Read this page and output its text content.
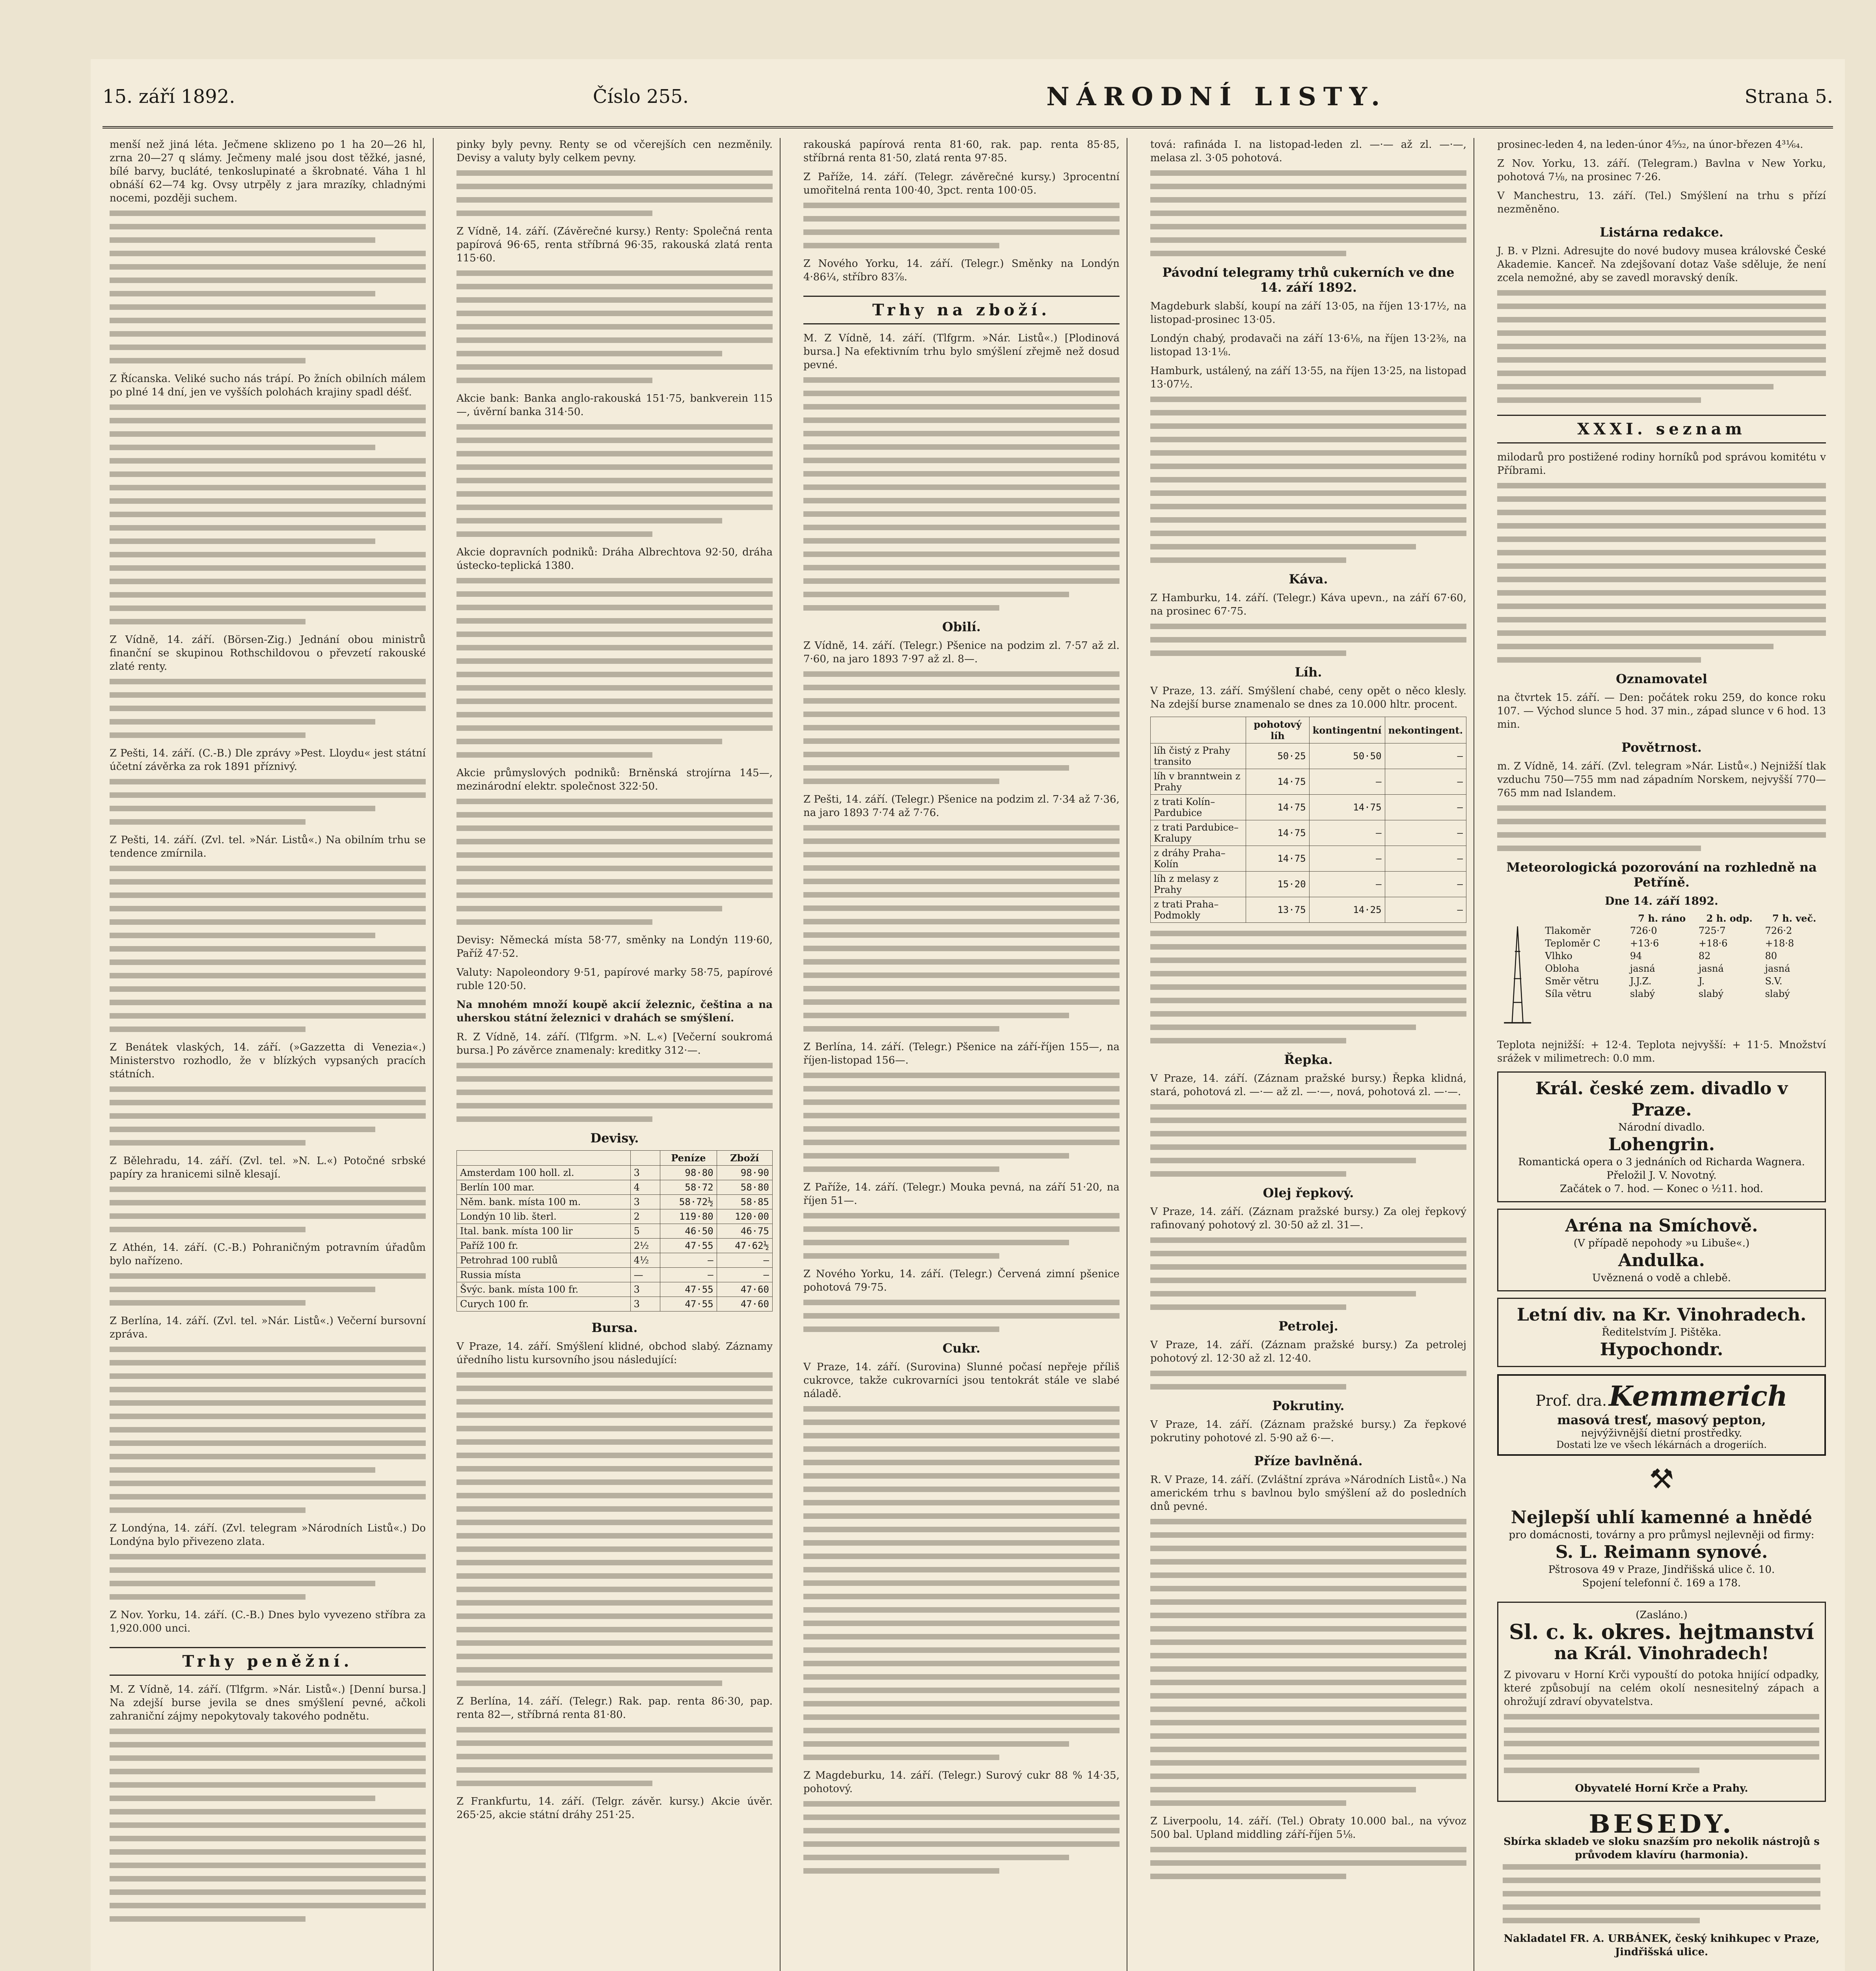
15. září 1892.	Číslo 255.	NÁRODNÍ LISTY.	Strana 5.

menší než jiná léta. Ječmene sklizeno po 1 ha 20—26 hl, zrna 20—27 q slámy. Ječmeny malé jsou dost těžké, jasné, bílé barvy, bucláté, tenkoslupinaté a škrobnaté. Váha 1 hl obnáší 62—74 kg. Ovsy utrpěly z jara mrazíky, chladnými nocemi, později suchem.

Z Řícanska. Veliké sucho nás trápí. Po žních obilních málem po plné 14 dní, jen ve vyšších polohách krajiny spadl déšť.

Z Vídně, 14. září. (Börsen-Zig.) Jednání obou ministrů finanční se skupinou Rothschildovou o převzetí rakouské zlaté renty.

Z Pešti, 14. září. (C.-B.) Dle zprávy »Pest. Lloydu« jest státní účetní závěrka za rok 1891 příznivý.

Z Pešti, 14. září. (Zvl. tel. »Nár. Listů«.) Na obilním trhu se tendence zmírnila.

Z Benátek vlaských, 14. září. (»Gazzetta di Venezia«.) Ministerstvo rozhodlo, že v blízkých vypsaných pracích státních.

Z Bělehradu, 14. září. (Zvl. tel. »N. L.«) Potočné srbské papíry za hranicemi silně klesají.

Z Athén, 14. září. (C.-B.) Pohraničným potravním úřadům bylo nařízeno.

Z Berlína, 14. září. (Zvl. tel. »Nár. Listů«.) Večerní bursovní zpráva.

Z Londýna, 14. září. (Zvl. telegram »Národních Listů«.) Do Londýna bylo přivezeno zlata.

Z Nov. Yorku, 14. září. (C.-B.) Dnes bylo vyvezeno stříbra za 1,920.000 unci.

Trhy peněžní.

M. Z Vídně, 14. září. (Tlfgrm. »Nár. Listů«.) [Denní bursa.] Na zdejší burse jevila se dnes smýšlení pevné, ačkoli zahraniční zájmy nepokytovaly takového podnětu.

pinky byly pevny. Renty se od včerejších cen nezměnily. Devisy a valuty byly celkem pevny.

Z Vídně, 14. září. (Závěrečné kursy.) Renty: Společná renta papírová 96·65, renta stříbrná 96·35, rakouská zlatá renta 115·60.

Akcie bank: Banka anglo-rakouská 151·75, bankverein 115—, úvěrní banka 314·50.

Akcie dopravních podniků: Dráha Albrechtova 92·50, dráha ústecko-teplická 1380.

Akcie průmyslových podniků: Brněnská strojírna 145—, mezinárodní elektr. společnost 322·50.

Devisy: Německá místa 58·77, směnky na Londýn 119·60, Paříž 47·52.

Valuty: Napoleondory 9·51, papírové marky 58·75, papírové ruble 120·50.

Na mnohém množí koupě akcií železnic, čeština a na uherskou státní železnici v drahách se smýšlení.

R. Z Vídně, 14. září. (Tlfgrm. »N. L.«) [Večerní soukromá bursa.] Po závěrce znamenaly: kreditky 312·—.

Devisy.
		Peníze	Zboží
Amsterdam 100 holl. zl.	3	98·80	98·90
Berlín 100 mar.	4	58·72	58·80
Něm. bank. místa 100 m.	3	58·72½	58·85
Londýn 10 lib. šterl.	2	119·80	120·00
Ital. bank. místa 100 lir	5	46·50	46·75
Paříž 100 fr.	2½	47·55	47·62½
Petrohrad 100 rublů	4½	—	—
Russia místa	—	—	—
Švýc. bank. místa 100 fr.	3	47·55	47·60
Curych 100 fr.	3	47·55	47·60
Bursa.

V Praze, 14. září. Smýšlení klidné, obchod slabý. Záznamy úředního listu kursovního jsou následující:

Z Berlína, 14. září. (Telegr.) Rak. pap. renta 86·30, pap. renta 82—, stříbrná renta 81·80.

Z Frankfurtu, 14. září. (Telgr. závěr. kursy.) Akcie úvěr. 265·25, akcie státní dráhy 251·25.

rakouská papírová renta 81·60, rak. pap. renta 85·85, stříbrná renta 81·50, zlatá renta 97·85.

Z Paříže, 14. září. (Telegr. závěrečné kursy.) 3procentní umořitelná renta 100·40, 3pct. renta 100·05.

Z Nového Yorku, 14. září. (Telegr.) Směnky na Londýn 4·86¼, stříbro 83⅞.

Trhy na zboží.

M. Z Vídně, 14. září. (Tlfgrm. »Nár. Listů«.) [Plodinová bursa.] Na efektivním trhu bylo smýšlení zřejmě než dosud pevné.

Obilí.

Z Vídně, 14. září. (Telegr.) Pšenice na podzim zl. 7·57 až zl. 7·60, na jaro 1893 7·97 až zl. 8—.

Z Pešti, 14. září. (Telegr.) Pšenice na podzim zl. 7·34 až 7·36, na jaro 1893 7·74 až 7·76.

Z Berlína, 14. září. (Telegr.) Pšenice na září-říjen 155—, na říjen-listopad 156—.

Z Paříže, 14. září. (Telegr.) Mouka pevná, na září 51·20, na říjen 51—.

Z Nového Yorku, 14. září. (Telegr.) Červená zimní pšenice pohotová 79·75.

Cukr.

V Praze, 14. září. (Surovina) Slunné počasí nepřeje příliš cukrovce, takže cukrovarníci jsou tentokrát stále ve slabé náladě.

Z Magdeburku, 14. září. (Telegr.) Surový cukr 88 % 14·35, pohotový.

tová: rafináda I. na listopad-leden zl. —·— až zl. —·—, melasa zl. 3·05 pohotová.

Pávodní telegramy trhů cukerních ve dne 14. září 1892.

Magdeburk slabší, koupí na září 13·05, na říjen 13·17½, na listopad-prosinec 13·05.

Londýn chabý, prodavači na září 13·6⅛, na říjen 13·2⅜, na listopad 13·1⅛.

Hamburk, ustálený, na září 13·55, na říjen 13·25, na listopad 13·07½.

Káva.

Z Hamburku, 14. září. (Telegr.) Káva upevn., na září 67·60, na prosinec 67·75.

Líh.

V Praze, 13. září. Smýšlení chabé, ceny opět o něco klesly. Na zdejší burse znamenalo se dnes za 10.000 hltr. procent.

	pohotový líh	kontingentní	nekontingent.
líh čistý z Prahy transito	50·25	50·50	—
líh v branntwein z Prahy	14·75	—	—
z trati Kolín–Pardubice	14·75	14·75	—
z trati Pardubice–Kralupy	14·75	—	—
z dráhy Praha–Kolín	14·75	—	—
líh z melasy z Prahy	15·20	—	—
z trati Praha–Podmokly	13·75	14·25	—
Řepka.

V Praze, 14. září. (Záznam pražské bursy.) Řepka klidná, stará, pohotová zl. —·— až zl. —·—, nová, pohotová zl. —·—.

Olej řepkový.

V Praze, 14. září. (Záznam pražské bursy.) Za olej řepkový rafinovaný pohotový zl. 30·50 až zl. 31—.

Petrolej.

V Praze, 14. září. (Záznam pražské bursy.) Za petrolej pohotový zl. 12·30 až zl. 12·40.

Pokrutiny.

V Praze, 14. září. (Záznam pražské bursy.) Za řepkové pokrutiny pohotové zl. 5·90 až 6·—.

Příze bavlněná.

R. V Praze, 14. září. (Zvláštní zpráva »Národních Listů«.) Na americkém trhu s bavlnou bylo smýšlení až do posledních dnů pevné.

Z Liverpoolu, 14. září. (Tel.) Obraty 10.000 bal., na vývoz 500 bal. Upland middling září-říjen 5⅛.

prosinec-leden 4, na leden-únor 4⁵⁄₃₂, na únor-březen 4³¹⁄₆₄.

Z Nov. Yorku, 13. září. (Telegram.) Bavlna v New Yorku, pohotová 7⅛, na prosinec 7·26.

V Manchestru, 13. září. (Tel.) Smýšlení na trhu s přízí nezměněno.

Listárna redakce.

J. B. v Plzni. Adresujte do nové budovy musea královské České Akademie. Kanceř. Na zdejšovaní dotaz Vaše sděluje, že není zcela nemožné, aby se zavedl moravský deník.

XXXI. seznam

milodarů pro postižené rodiny horníků pod správou komitétu v Příbrami.

Oznamovatel

na čtvrtek 15. září. — Den: počátek roku 259, do konce roku 107. — Východ slunce 5 hod. 37 min., západ slunce v 6 hod. 13 min.

Povětrnost.

m. Z Vídně, 14. září. (Zvl. telegram »Nár. Listů«.) Nejnižší tlak vzduchu 750—755 mm nad západním Norskem, nejvyšší 770—765 mm nad Islandem.

Meteorologická pozorování na rozhledně na Petříně.
Dne 14. září 1892.
	7 h. ráno	2 h. odp.	7 h. več.
Tlakoměr	726·0	725·7	726·2
Teploměr C	+13·6	+18·6	+18·8
Vlhko	94	82	80
Obloha	jasná	jasná	jasná
Směr větru	J.J.Z.	J.	S.V.
Síla větru	slabý	slabý	slabý

Teplota nejnižší: + 12·4. Teplota nejvyšší: + 11·5. Množství srážek v milimetrech: 0.0 mm.

Král. české zem. divadlo v Praze.
Národní divadlo.
Lohengrin.
Romantická opera o 3 jednáních od Richarda Wagnera. Přeložil J. V. Novotný.
Začátek o 7. hod. — Konec o ½11. hod.
Aréna na Smíchově.
(V případě nepohody »u Libuše«.)
Andulka.
Uvěznená o vodě a chlebě.
Letní div. na Kr. Vinohradech.
Ředitelstvím J. Pištěka.
Hypochondr.
Prof. dra. Kemmerich
masová tresť, masový pepton,
nejvýživnější dietní prostředky.
Dostati lze ve všech lékárnách a drogeriích.
⚒
Nejlepší uhlí kamenné a hnědé
pro domácnosti, továrny a pro průmysl nejlevněji od firmy:
S. L. Reimann synové.
Pštrosova 49 v Praze, Jindřišská ulice č. 10.
Spojení telefonní č. 169 a 178.
(Zasláno.)
Sl. c. k. okres. hejtmanství
na Král. Vinohradech!

Z pivovaru v Horní Krči vypouští do potoka hnijící odpadky, které způsobují na celém okolí nesnesitelný zápach a ohrožují zdraví obyvatelstva.

Obyvatelé Horní Krče a Prahy.
BESEDY.
Sbírka skladeb ve sloku snazším pro nekolik nástrojů s průvodem klavíru (harmonia).
Nakladatel FR. A. URBÁNEK, český knihkupec v Praze, Jindřišská ulice.
